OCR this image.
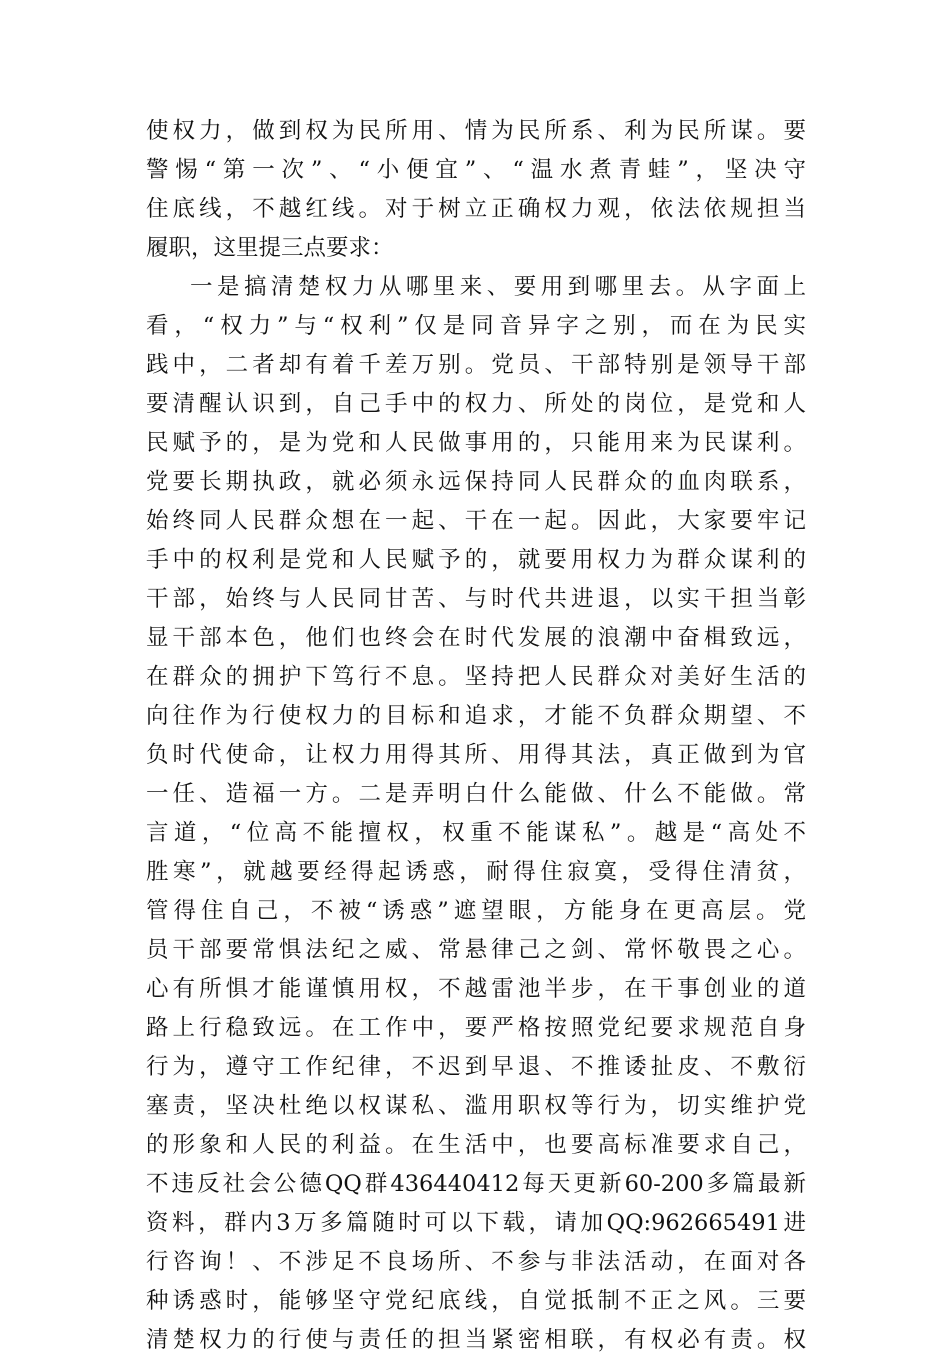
使权力，做到权为民所用、情为民所系、利为民所谋。要
警惕“第一次”、“小便宜”、“温水煮青蛙”，坚决守
住底线，不越红线。对于树立正确权力观，依法依规担当
履职，这里提三点要求：
一是搞清楚权力从哪里来、要用到哪里去。从字面上
看，“权力”与“权利”仅是同音异字之别，而在为民实
践中，二者却有着千差万别。党员、干部特别是领导干部
要清醒认识到，自己手中的权力、所处的岗位，是党和人
民赋予的，是为党和人民做事用的，只能用来为民谋利。
党要长期执政，就必须永远保持同人民群众的血肉联系，
始终同人民群众想在一起、干在一起。因此，大家要牢记
手中的权利是党和人民赋予的，就要用权力为群众谋利的
干部，始终与人民同甘苦、与时代共进退，以实干担当彰
显干部本色，他们也终会在时代发展的浪潮中奋楫致远，
在群众的拥护下笃行不息。坚持把人民群众对美好生活的
向往作为行使权力的目标和追求，才能不负群众期望、不
负时代使命，让权力用得其所、用得其法，真正做到为官
一任、造福一方。二是弄明白什么能做、什么不能做。常
言道，“位高不能擅权，权重不能谋私”。越是“高处不
胜寒”，就越要经得起诱惑，耐得住寂寞，受得住清贫，
管得住自己，不被“诱惑”遮望眼，方能身在更高层。党
员干部要常惧法纪之威、常悬律己之剑、常怀敬畏之心。
心有所惧才能谨慎用权，不越雷池半步，在干事创业的道
路上行稳致远。在工作中，要严格按照党纪要求规范自身
行为，遵守工作纪律，不迟到早退、不推诿扯皮、不敷衍
塞责，坚决杜绝以权谋私、滥用职权等行为，切实维护党
的形象和人民的利益。在生活中，也要高标准要求自己，
不违反社会公德QQ群436440412每天更新60-200多篇最新
资料，群内3万多篇随时可以下载，请加QQ:962665491进
行咨询！、不涉足不良场所、不参与非法活动，在面对各
种诱惑时，能够坚守党纪底线，自觉抵制不正之风。三要
清楚权力的行使与责任的担当紧密相联，有权必有责。权
